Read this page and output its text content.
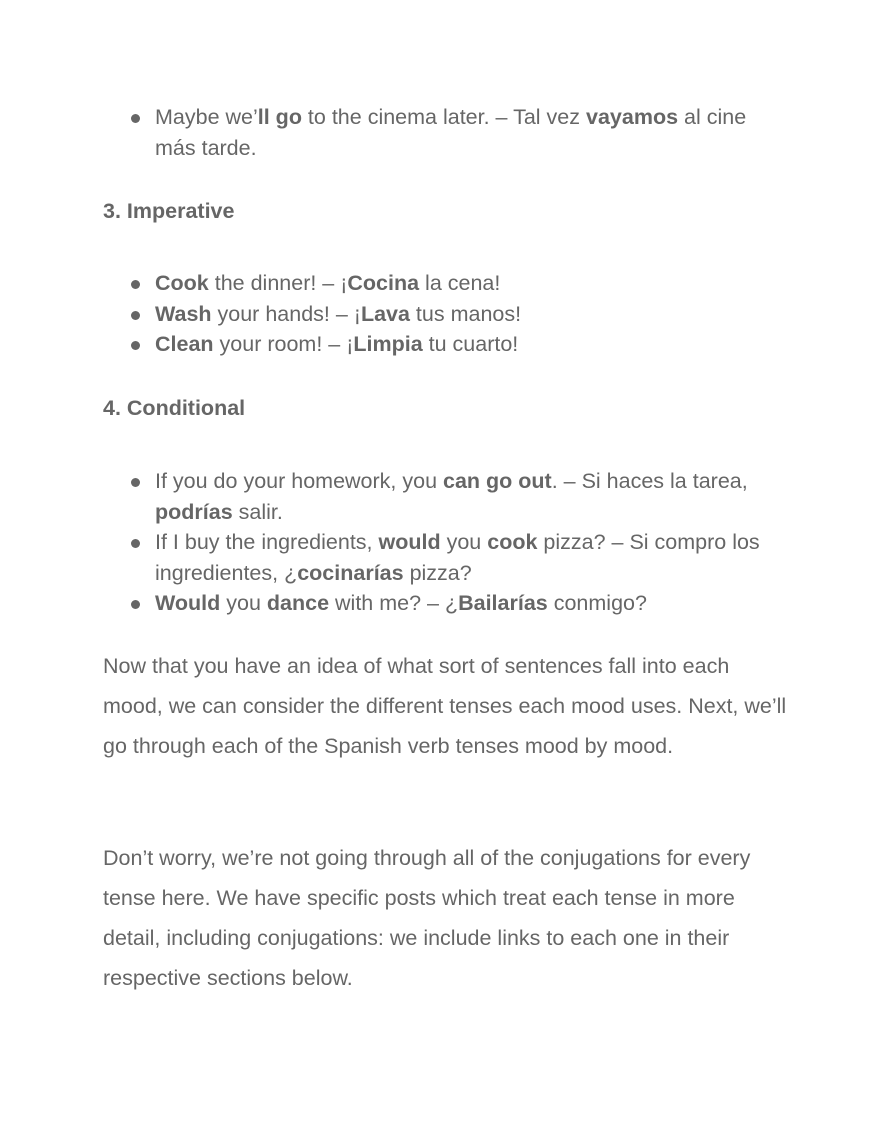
Maybe we’ll go to the cinema later. – Tal vez vayamos al cine más tarde.
3. Imperative
Cook the dinner! – ¡Cocina la cena!
Wash your hands! – ¡Lava tus manos!
Clean your room! – ¡Limpia tu cuarto!
4. Conditional
If you do your homework, you can go out. – Si haces la tarea, podrías salir.
If I buy the ingredients, would you cook pizza? – Si compro los ingredientes, ¿cocinarías pizza?
Would you dance with me? – ¿Bailarías conmigo?

Now that you have an idea of what sort of sentences fall into each mood, we can consider the different tenses each mood uses. Next, we’ll go through each of the Spanish verb tenses mood by mood.

Don’t worry, we’re not going through all of the conjugations for every tense here. We have specific posts which treat each tense in more detail, including conjugations: we include links to each one in their respective sections below.
